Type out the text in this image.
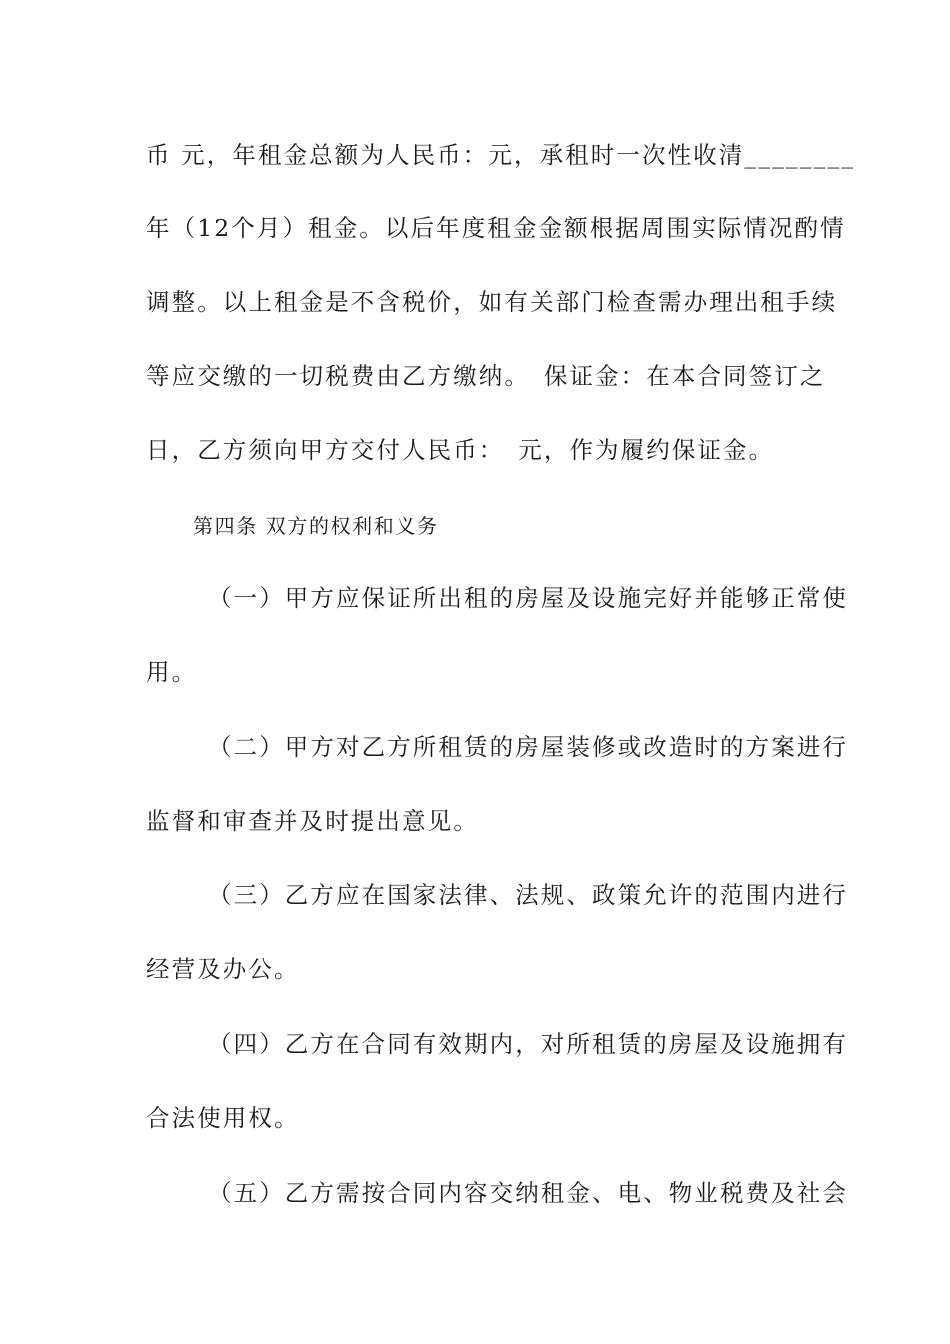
币 元，年租金总额为人民币：元，承租时一次性收清________
年（12个月）租金。以后年度租金金额根据周围实际情况酌情
调整。以上租金是不含税价，如有关部门检查需办理出租手续
等应交缴的一切税费由乙方缴纳。　保证金：在本合同签订之
日，乙方须向甲方交付人民币：　元，作为履约保证金。
第四条 双方的权利和义务
（一）甲方应保证所出租的房屋及设施完好并能够正常使
用。
（二）甲方对乙方所租赁的房屋装修或改造时的方案进行
监督和审查并及时提出意见。
（三）乙方应在国家法律、法规、政策允许的范围内进行
经营及办公。
（四）乙方在合同有效期内，对所租赁的房屋及设施拥有
合法使用权。
（五）乙方需按合同内容交纳租金、电、物业税费及社会
